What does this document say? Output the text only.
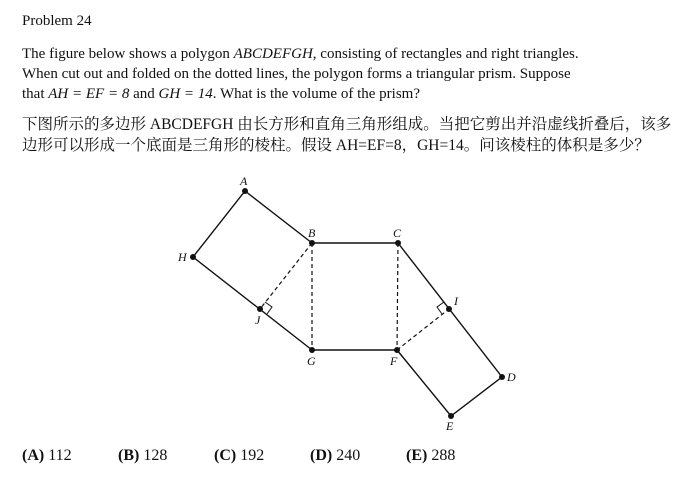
Problem 24
The figure below shows a polygon ABCDEFGH, consisting of rectangles and right triangles.
When cut out and folded on the dotted lines, the polygon forms a triangular prism. Suppose
that AH = EF = 8 and GH = 14. What is the volume of the prism?
下图所示的多边形 ABCDEFGH 由长方形和直角三角形组成。当把它剪出并沿虚线折叠后，该多
边形可以形成一个底面是三角形的棱柱。假设 AH=EF=8，GH=14。问该棱柱的体积是多少？
A
B	C
D
E
F
G
H
I
J
(A) 112	(B) 128	(C) 192	(D) 240	(E) 288
